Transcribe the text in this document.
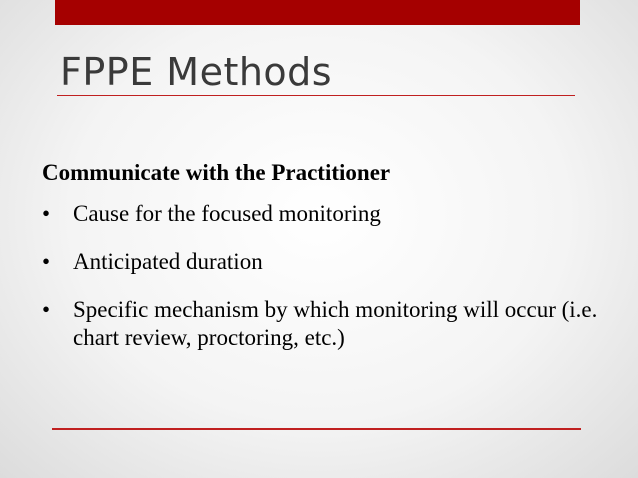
FPPE Methods
Communicate with the Practitioner
• Cause for the focused monitoring
• Anticipated duration
• Specific mechanism by which monitoring will occur (i.e. chart review, proctoring, etc.)
